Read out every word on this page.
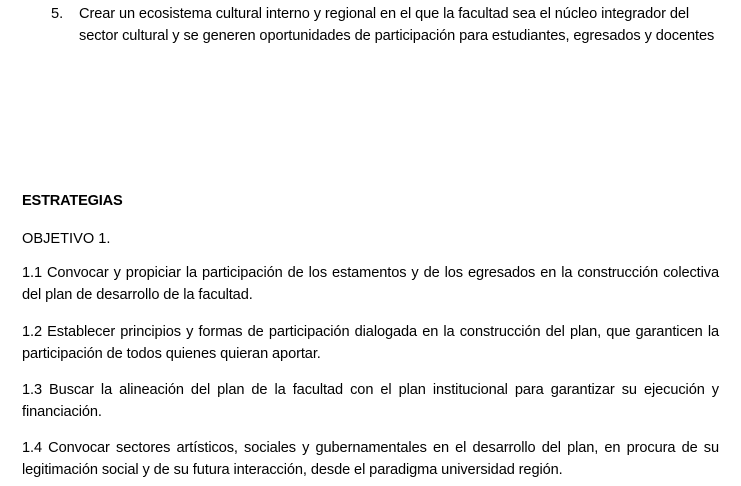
5.	Crear un ecosistema cultural interno y regional en el que la facultad sea el núcleo integrador del sector cultural y se generen oportunidades de participación para estudiantes, egresados y docentes
ESTRATEGIAS
OBJETIVO 1.
1.1 Convocar y propiciar la participación de los estamentos y de los egresados en la construcción colectiva del plan de desarrollo de la facultad.
1.2 Establecer principios y formas de participación dialogada en la construcción del plan, que garanticen la participación de todos quienes quieran aportar.
1.3 Buscar la alineación del plan de la facultad con el plan institucional para garantizar su ejecución y financiación.
1.4 Convocar sectores artísticos, sociales y gubernamentales en el desarrollo del plan, en procura de su legitimación social y de su futura interacción, desde el paradigma universidad región.
